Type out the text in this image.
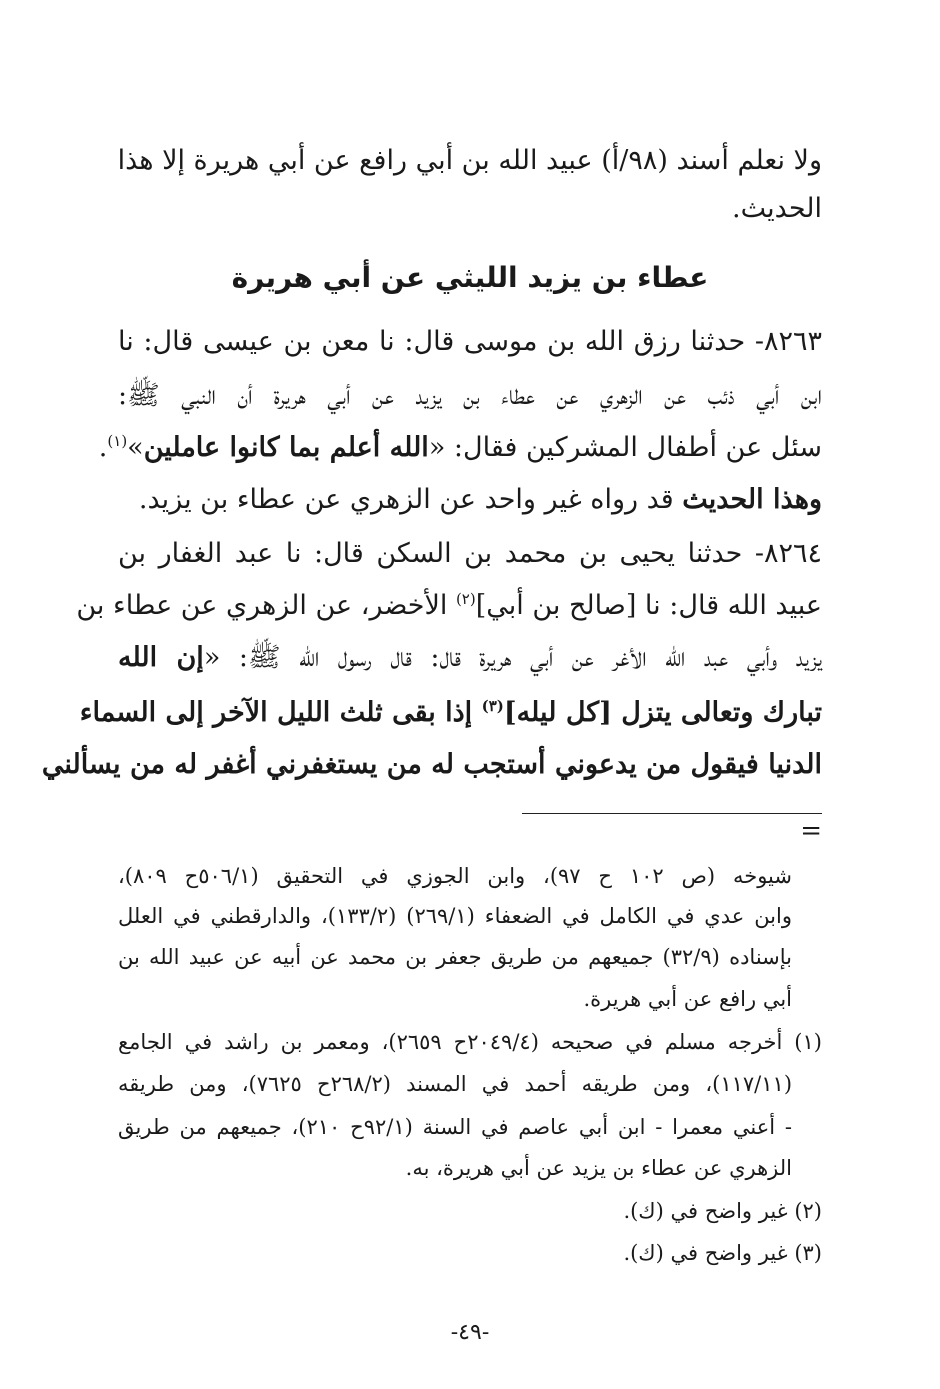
ولا نعلم أسند (٩٨/أ) عبيد الله بن أبي رافع عن أبي هريرة إلا هذا
الحديث.
عطاء بن يزيد الليثي عن أبي هريرة
٨٢٦٣- حدثنا رزق الله بن موسى قال: نا معن بن عيسى قال: نا
ابن أبي ذئب عن الزهري عن عطاء بن يزيد عن أبي هريرة أن النبي ﷺ:
سئل عن أطفال المشركين فقال: «الله أعلم بما كانوا عاملين»$^{(١)}$.
وهذا الحديث قد رواه غير واحد عن الزهري عن عطاء بن يزيد.
٨٢٦٤- حدثنا يحيى بن محمد بن السكن قال: نا عبد الغفار بن
عبيد الله قال: نا [صالح بن أبي]$^{(٢)}$ الأخضر، عن الزهري عن عطاء بن
يزيد وأبي عبد الله الأغر عن أبي هريرة قال: قال رسول الله ﷺ: «إن الله
تبارك وتعالى يتزل [كل ليله]$^{(٣)}$ إذا بقى ثلث الليل الآخر إلى السماء
الدنيا فيقول من يدعوني أستجب له من يستغفرني أغفر له من يسألني
=
شيوخه (ص ١٠٢ ح ٩٧)، وابن الجوزي في التحقيق (٥٠٦/١ح ٨٠٩)،
وابن عدي في الكامل في الضعفاء (٢٦٩/١) (١٣٣/٢)، والدارقطني في العلل
بإسناده (٣٢/٩) جميعهم من طريق جعفر بن محمد عن أبيه عن عبيد الله بن
أبي رافع عن أبي هريرة.
(١) أخرجه مسلم في صحيحه (٢٠٤٩/٤ح ٢٦٥٩)، ومعمر بن راشد في الجامع
(١١٧/١١)، ومن طريقه أحمد في المسند (٢٦٨/٢ح ٧٦٢٥)، ومن طريقه
- أعني معمرا - ابن أبي عاصم في السنة (٩٢/١ح ٢١٠)، جميعهم من طريق
الزهري عن عطاء بن يزيد عن أبي هريرة، به.
(٢) غير واضح في (ك).
(٣) غير واضح في (ك).
-٤٩-
